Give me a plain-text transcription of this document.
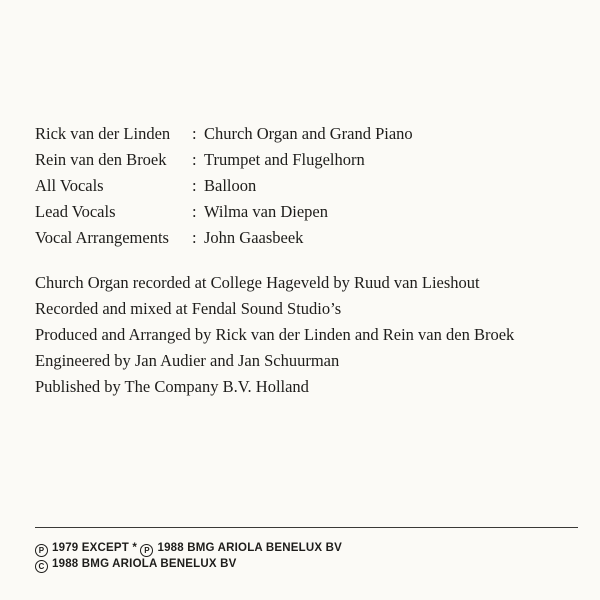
Rick van der Linden	: Church Organ and Grand Piano
Rein van den Broek	: Trumpet and Flugelhorn
All Vocals	: Balloon
Lead Vocals	: Wilma van Diepen
Vocal Arrangements	: John Gaasbeek
Church Organ recorded at College Hageveld by Ruud van Lieshout
Recorded and mixed at Fendal Sound Studio’s
Produced and Arranged by Rick van der Linden and Rein van den Broek
Engineered by Jan Audier and Jan Schuurman
Published by The Company B.V. Holland
P 1979 EXCEPT * P 1988 BMG ARIOLA BENELUX BV
C 1988 BMG ARIOLA BENELUX BV
